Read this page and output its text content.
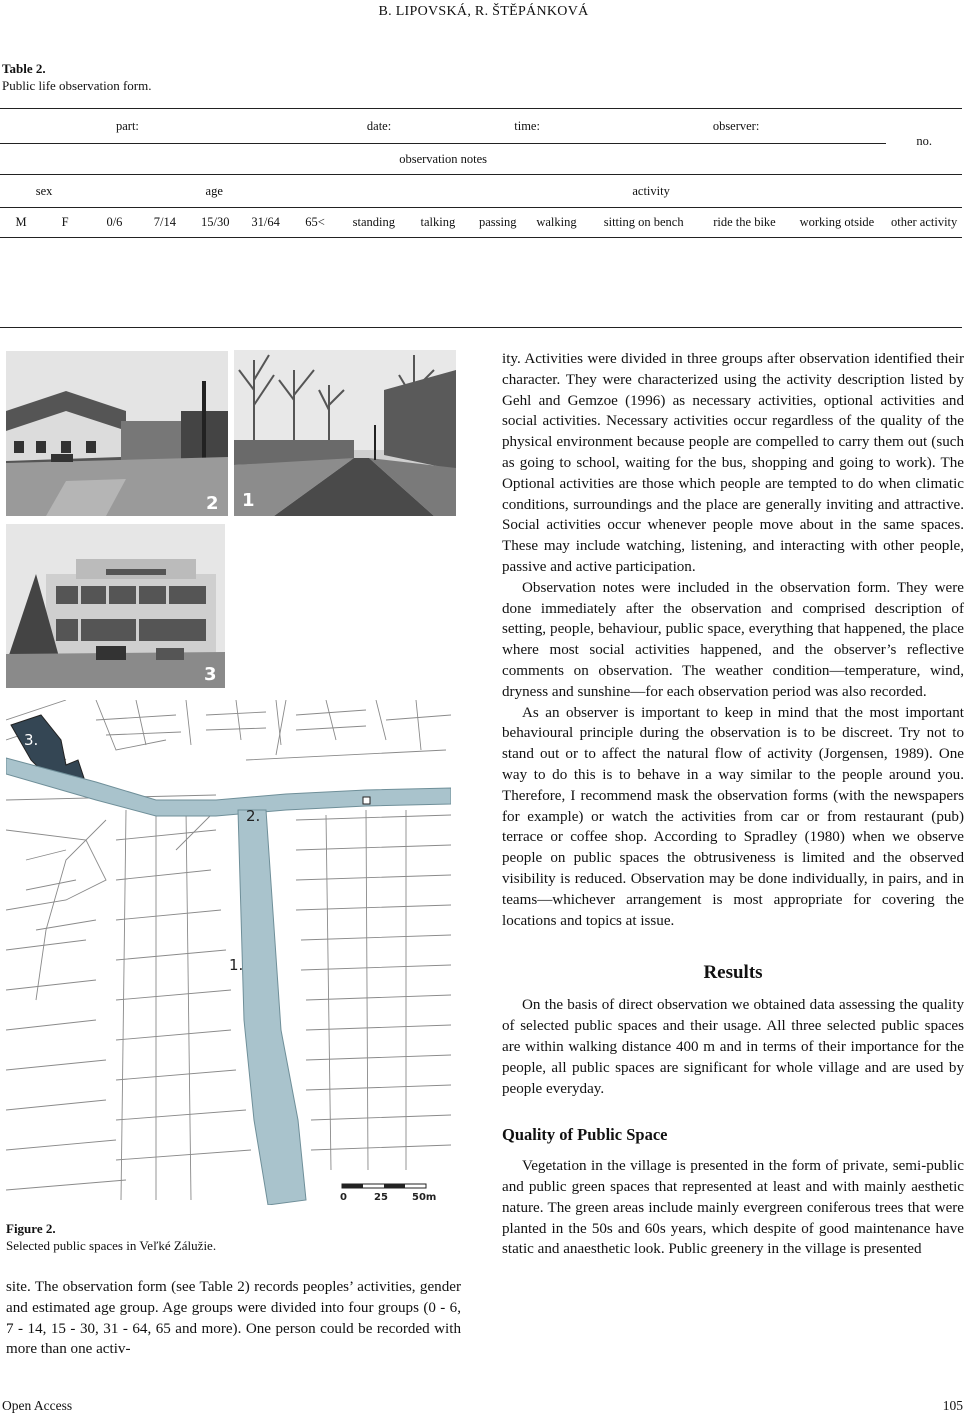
B. LIPOVSKÁ, R. ŠTĚPÁNKOVÁ
Table 2.
Public life observation form.
part:						date:			time:		observer:			no.
observation notes														
sex		age					activity							
M	F	0/6	7/14	15/30	31/64	65<	standing	talking	passing	walking	sitting on bench	ride the bike	working otside	other activity
2 1
3
3.
2.
1.
0	25 50m
Figure 2.
Selected public spaces in Veľké Zálužie.

site. The observation form (see Table 2) records peoples’ activities, gender and estimated age group. Age groups were divided into four groups (0 - 6, 7 - 14, 15 - 30, 31 - 64, 65 and more). One person could be recorded with more than one activ-

ity. Activities were divided in three groups after observation identified their character. They were characterized using the activity description listed by Gehl and Gemzoe (1996) as necessary activities, optional activities and social activities. Necessary activities occur regardless of the quality of the physical environment because people are compelled to carry them out (such as going to school, waiting for the bus, shopping and going to work). The Optional activities are those which people are tempted to do when climatic conditions, surroundings and the place are generally inviting and attractive. Social activities occur whenever people move about in the same spaces. These may include watching, listening, and interacting with other people, passive and active participation.

Observation notes were included in the observation form. They were done immediately after the observation and comprised description of setting, people, behaviour, public space, everything that happened, the place where most social activities happened, and the observer’s reflective comments on observation. The weather condition—temperature, wind, dryness and sunshine—for each observation period was also recorded.

As an observer is important to keep in mind that the most important behavioural principle during the observation is to be discreet. Try not to stand out or to affect the natural flow of activity (Jorgensen, 1989). One way to do this is to behave in a way similar to the people around you. Therefore, I recommend mask the observation forms (with the newspapers for example) or watch the activities from car or from restaurant (pub) terrace or coffee shop. According to Spradley (1980) when we observe people on public spaces the obtrusiveness is limited and the observed visibility is reduced. Observation may be done individually, in pairs, and in teams—whichever arrangement is most appropriate for covering the locations and topics at issue.

Results

On the basis of direct observation we obtained data assessing the quality of selected public spaces and their usage. All three selected public spaces are within walking distance 400 m and in terms of their importance for the people, all public spaces are significant for whole village and are used by people everyday.

Quality of Public Space

Vegetation in the village is presented in the form of private, semi-public and public green spaces that represented at least and with mainly aesthetic nature. The green areas include mainly evergreen coniferous trees that were planted in the 50s and 60s years, which despite of good maintenance have static and anaesthetic look. Public greenery in the village is presented

Open Access	105
